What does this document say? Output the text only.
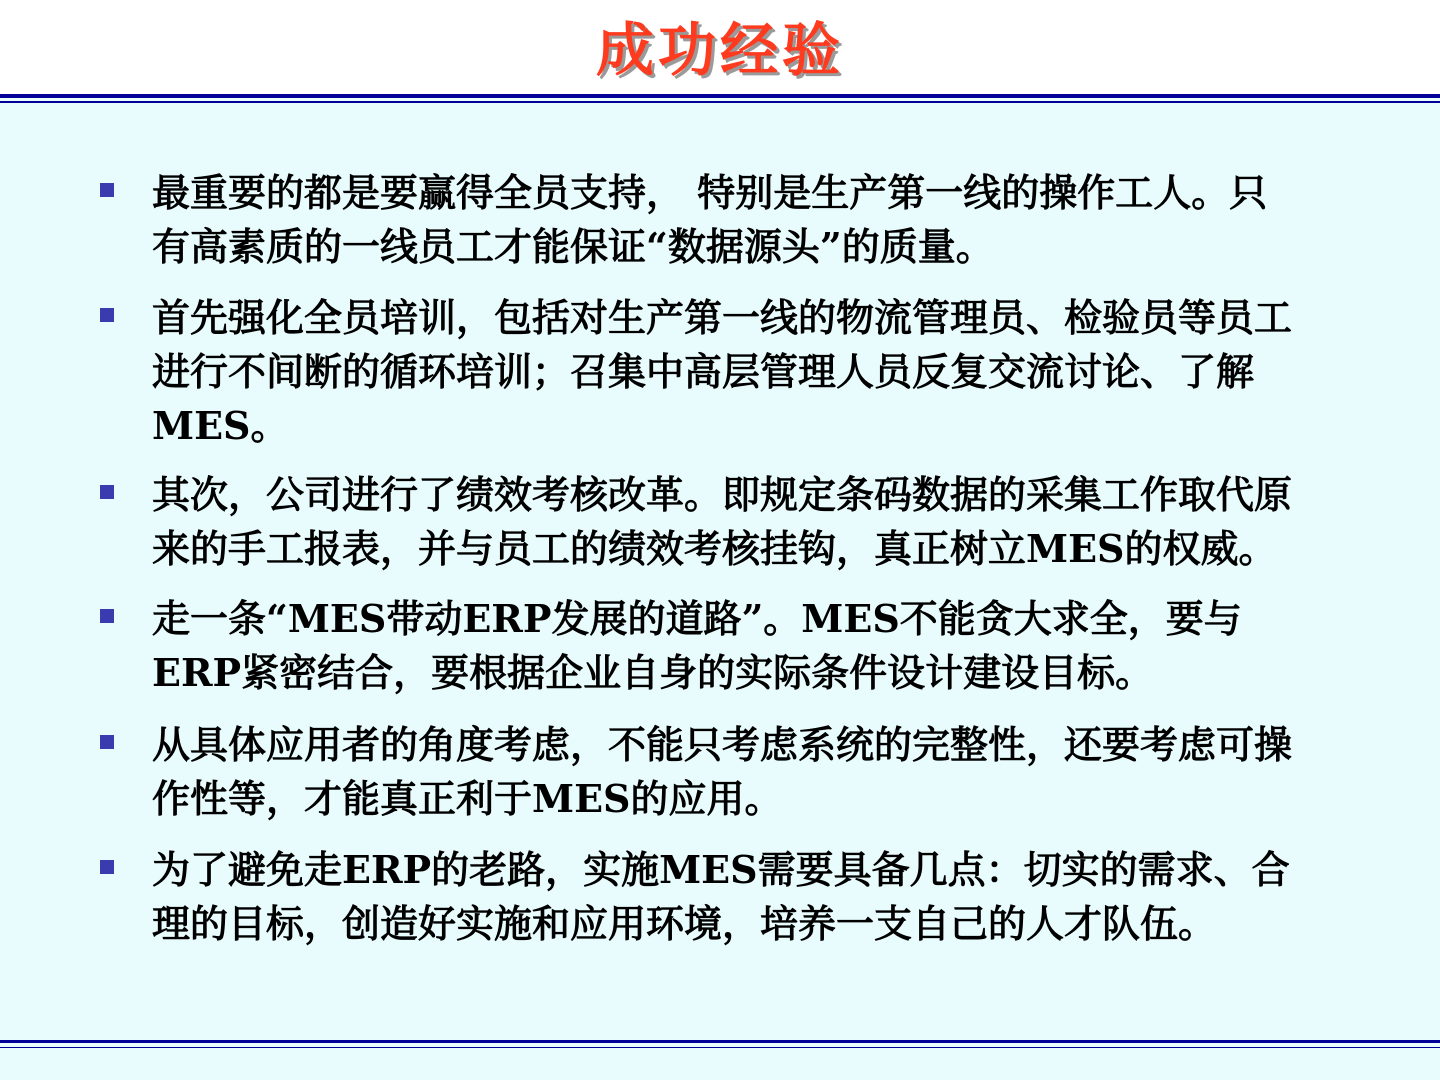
成功经验
最重要的都是要赢得全员支持， 特别是生产第一线的操作工人。只
有高素质的一线员工才能保证“数据源头”的质量。
首先强化全员培训，包括对生产第一线的物流管理员、检验员等员工
进行不间断的循环培训；召集中高层管理人员反复交流讨论、了解
MES。
其次，公司进行了绩效考核改革。即规定条码数据的采集工作取代原
来的手工报表，并与员工的绩效考核挂钩，真正树立MES的权威。
走一条“MES带动ERP发展的道路”。MES不能贪大求全，要与
ERP紧密结合，要根据企业自身的实际条件设计建设目标。
从具体应用者的角度考虑，不能只考虑系统的完整性，还要考虑可操
作性等，才能真正利于MES的应用。
为了避免走ERP的老路，实施MES需要具备几点：切实的需求、合
理的目标，创造好实施和应用环境，培养一支自己的人才队伍。
